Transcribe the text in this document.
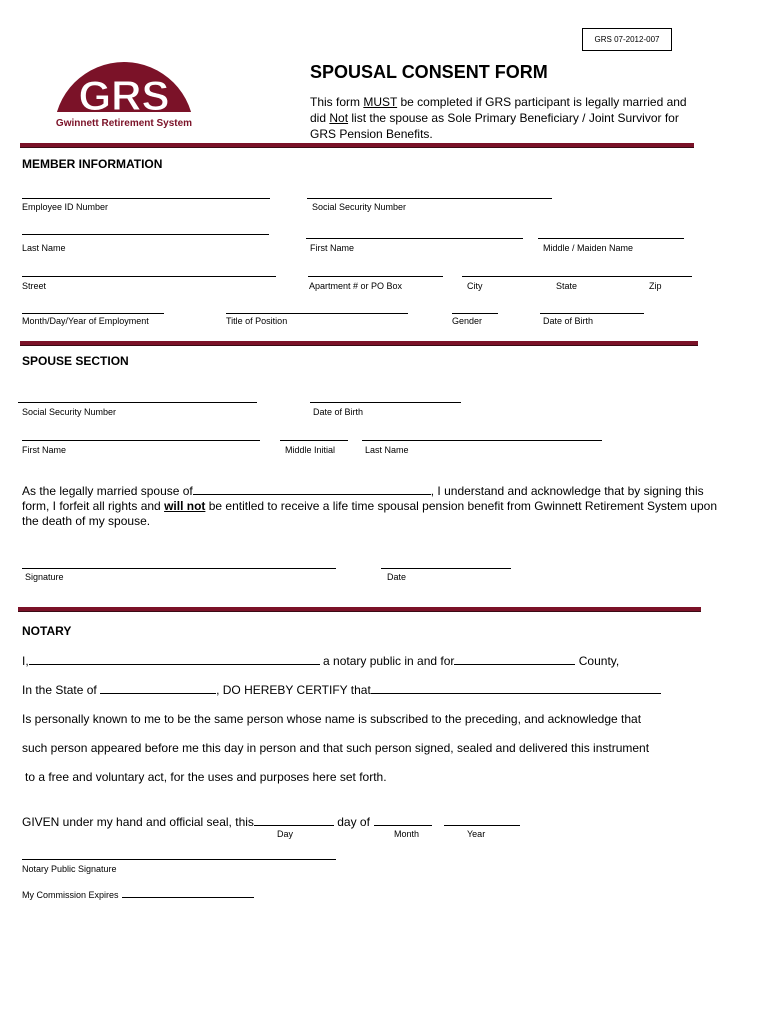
GRS 07-2012-007
GRS
Gwinnett Retirement System
SPOUSAL CONSENT FORM
This form MUST be completed if GRS participant is legally married and did Not list the spouse as Sole Primary Beneficiary / Joint Survivor for GRS Pension Benefits.
MEMBER INFORMATION
Employee ID Number	Social Security Number
Last Name	First Name	Middle / Maiden Name
Street	Apartment # or PO Box	City	State	Zip
Month/Day/Year of Employment	Title of Position	Gender	Date of Birth
SPOUSE SECTION
Social Security Number	Date of Birth
First Name	Middle Initial	Last Name
As the legally married spouse of	, I understand and acknowledge that by signing this form, I forfeit all rights and will not be entitled to receive a life time spousal pension benefit from Gwinnett Retirement System upon the death of my spouse.
Signature	Date
NOTARY
I,	a notary public in and for	County,
In the State of	, DO HEREBY CERTIFY that
Is personally known to me to be the same person whose name is subscribed to the preceding, and acknowledge that
such person appeared before me this day in person and that such person signed, sealed and delivered this instrument
to a free and voluntary act, for the uses and purposes here set forth.
GIVEN under my hand and official seal, this	day of
Day	Month	Year
Notary Public Signature
My Commission Expires
